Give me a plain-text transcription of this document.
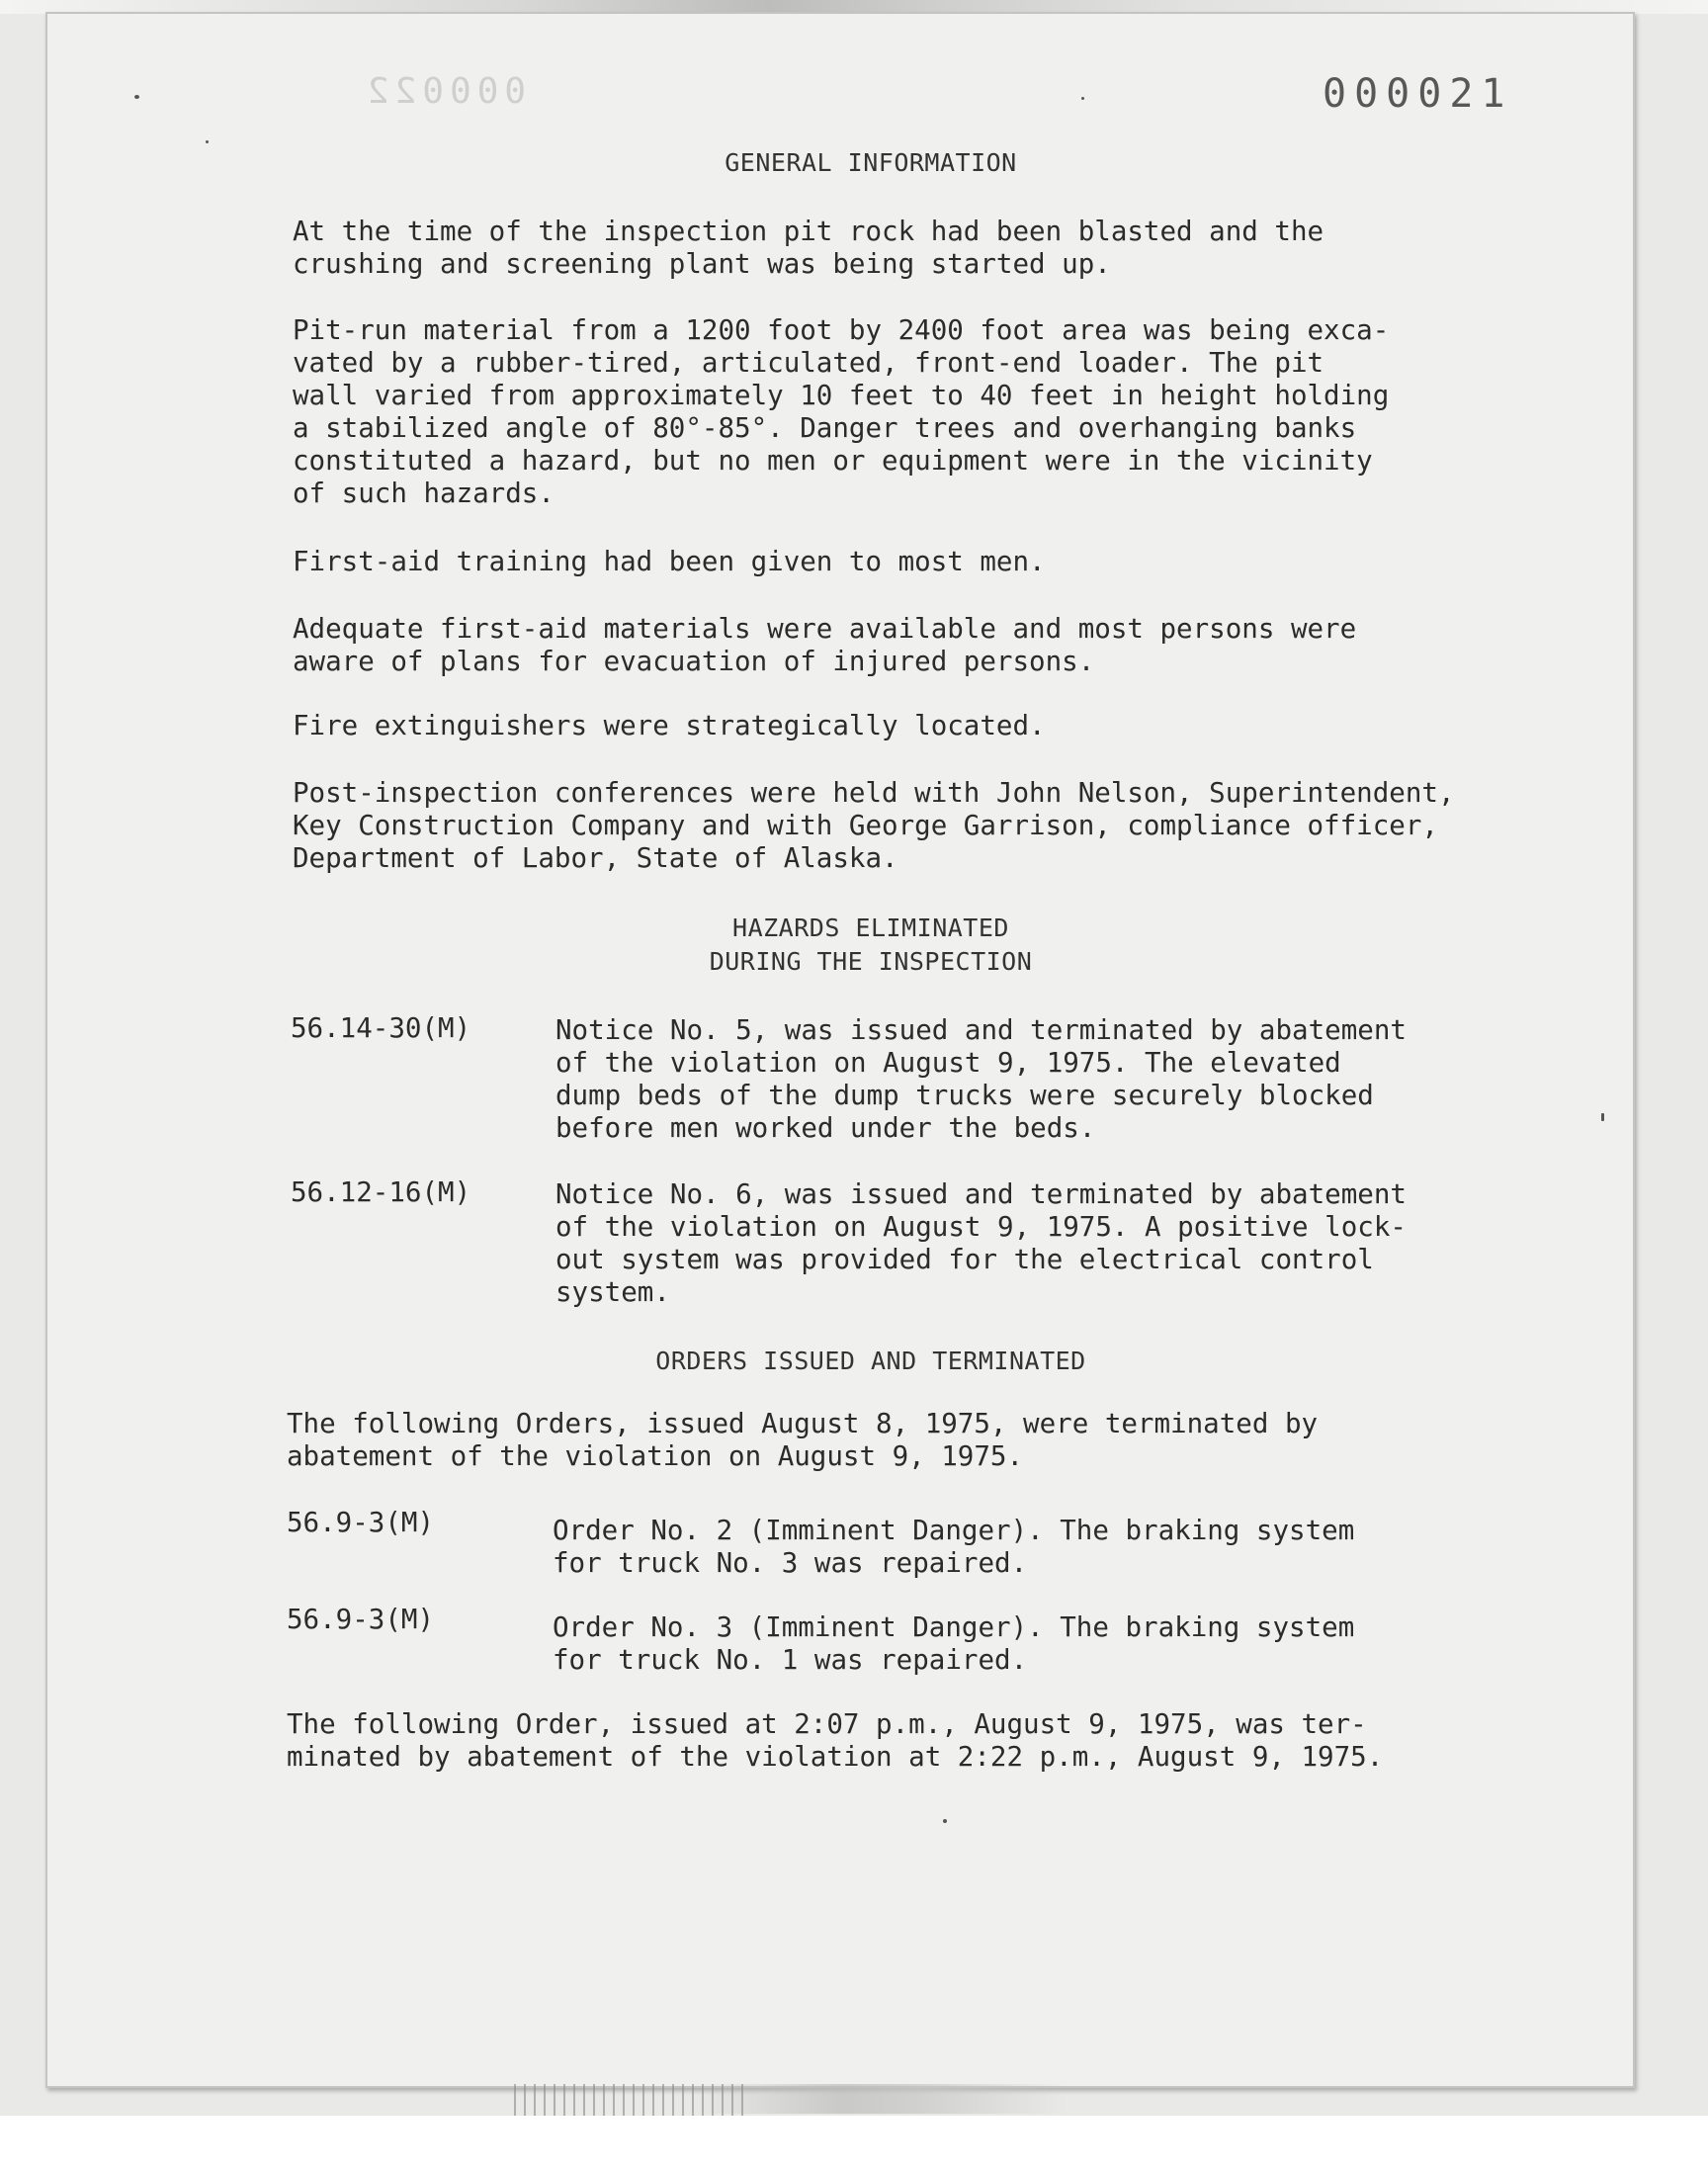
000022	000021
GENERAL INFORMATION
At the time of the inspection pit rock had been blasted and the
crushing and screening plant was being started up.
Pit-run material from a 1200 foot by 2400 foot area was being exca-
vated by a rubber-tired, articulated, front-end loader. The pit
wall varied from approximately 10 feet to 40 feet in height holding
a stabilized angle of 80°-85°. Danger trees and overhanging banks
constituted a hazard, but no men or equipment were in the vicinity
of such hazards.
First-aid training had been given to most men.
Adequate first-aid materials were available and most persons were
aware of plans for evacuation of injured persons.
Fire extinguishers were strategically located.
Post-inspection conferences were held with John Nelson, Superintendent,
Key Construction Company and with George Garrison, compliance officer,
Department of Labor, State of Alaska.
HAZARDS ELIMINATED
DURING THE INSPECTION
56.14-30(M)	Notice No. 5, was issued and terminated by abatement
of the violation on August 9, 1975. The elevated
dump beds of the dump trucks were securely blocked
before men worked under the beds.
56.12-16(M)	Notice No. 6, was issued and terminated by abatement
of the violation on August 9, 1975. A positive lock-
out system was provided for the electrical control
system.
ORDERS ISSUED AND TERMINATED
The following Orders, issued August 8, 1975, were terminated by
abatement of the violation on August 9, 1975.
56.9-3(M)	Order No. 2 (Imminent Danger). The braking system
for truck No. 3 was repaired.
56.9-3(M)	Order No. 3 (Imminent Danger). The braking system
for truck No. 1 was repaired.
The following Order, issued at 2:07 p.m., August 9, 1975, was ter-
minated by abatement of the violation at 2:22 p.m., August 9, 1975.
